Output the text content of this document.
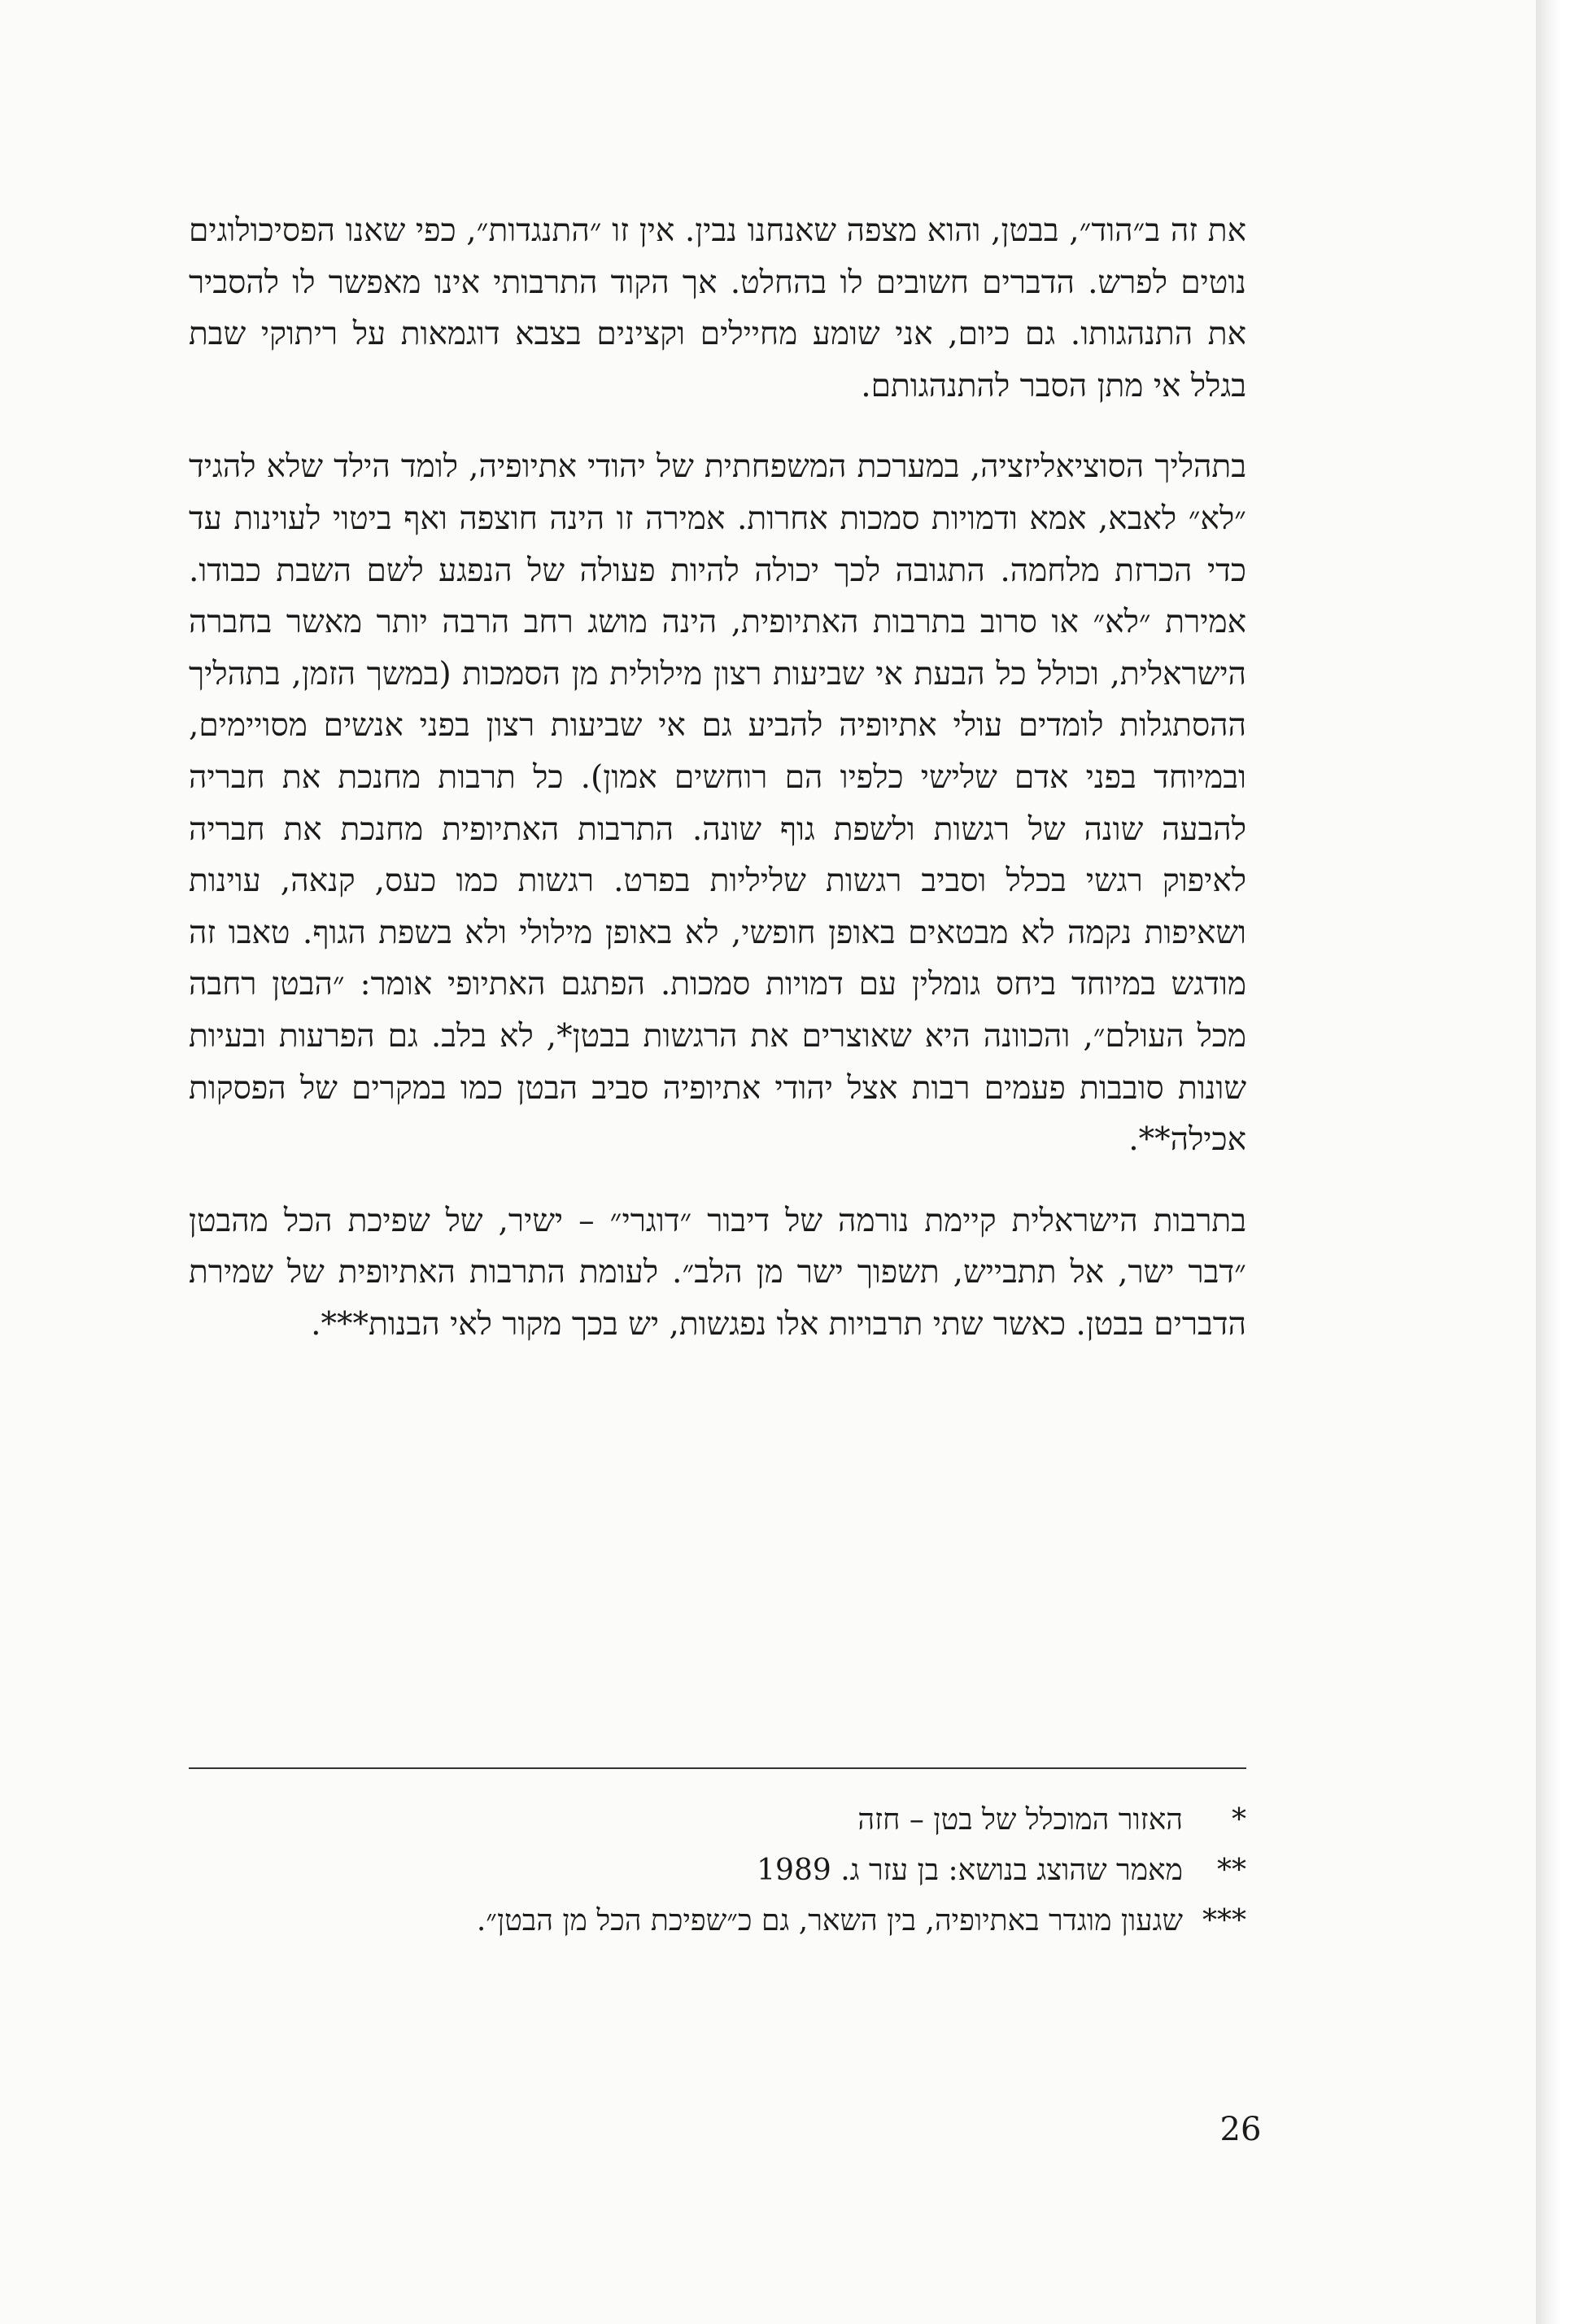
את זה ב״הוד״, בבטן, והוא מצפה שאנחנו נבין. אין זו ״התנגדות״, כפי שאנו הפסיכולוגים נוטים לפרש. הדברים חשובים לו בהחלט. אך הקוד התרבותי אינו מאפשר לו להסביר את התנהגותו. גם כיום, אני שומע מחיילים וקצינים בצבא דוגמאות על ריתוקי שבת בגלל אי מתן הסבר להתנהגותם.

בתהליך הסוציאליזציה, במערכת המשפחתית של יהודי אתיופיה, לומד הילד שלא להגיד ״לא״ לאבא, אמא ודמויות סמכות אחרות. אמירה זו הינה חוצפה ואף ביטוי לעוינות עד כדי הכרזת מלחמה. התגובה לכך יכולה להיות פעולה של הנפגע לשם השבת כבודו. אמירת ״לא״ או סרוב בתרבות האתיופית, הינה מושג רחב הרבה יותר מאשר בחברה הישראלית, וכולל כל הבעת אי שביעות רצון מילולית מן הסמכות (במשך הזמן, בתהליך ההסתגלות לומדים עולי אתיופיה להביע גם אי שביעות רצון בפני אנשים מסויימים, ובמיוחד בפני אדם שלישי כלפיו הם רוחשים אמון). כל תרבות מחנכת את חבריה להבעה שונה של רגשות ולשפת גוף שונה. התרבות האתיופית מחנכת את חבריה לאיפוק רגשי בכלל וסביב רגשות שליליות בפרט. רגשות כמו כעס, קנאה, עוינות ושאיפות נקמה לא מבטאים באופן חופשי, לא באופן מילולי ולא בשפת הגוף. טאבו זה מודגש במיוחד ביחס גומלין עם דמויות סמכות. הפתגם האתיופי אומר: ״הבטן רחבה מכל העולם״, והכוונה היא שאוצרים את הרגשות בבטן*, לא בלב. גם הפרעות ובעיות שונות סובבות פעמים רבות אצל יהודי אתיופיה סביב הבטן כמו במקרים של הפסקות אכילה**.

בתרבות הישראלית קיימת נורמה של דיבור ״דוגרי״ – ישיר, של שפיכת הכל מהבטן ״דבר ישר, אל תתבייש, תשפוך ישר מן הלב״. לעומת התרבות האתיופית של שמירת הדברים בבטן. כאשר שתי תרבויות אלו נפגשות, יש בכך מקור לאי הבנות***.

*
האזור המוכלל של בטן – חזה
**
מאמר שהוצג בנושא: בן עזר ג. 1989
***
שגעון מוגדר באתיופיה, בין השאר, גם כ״שפיכת הכל מן הבטן״.
26
